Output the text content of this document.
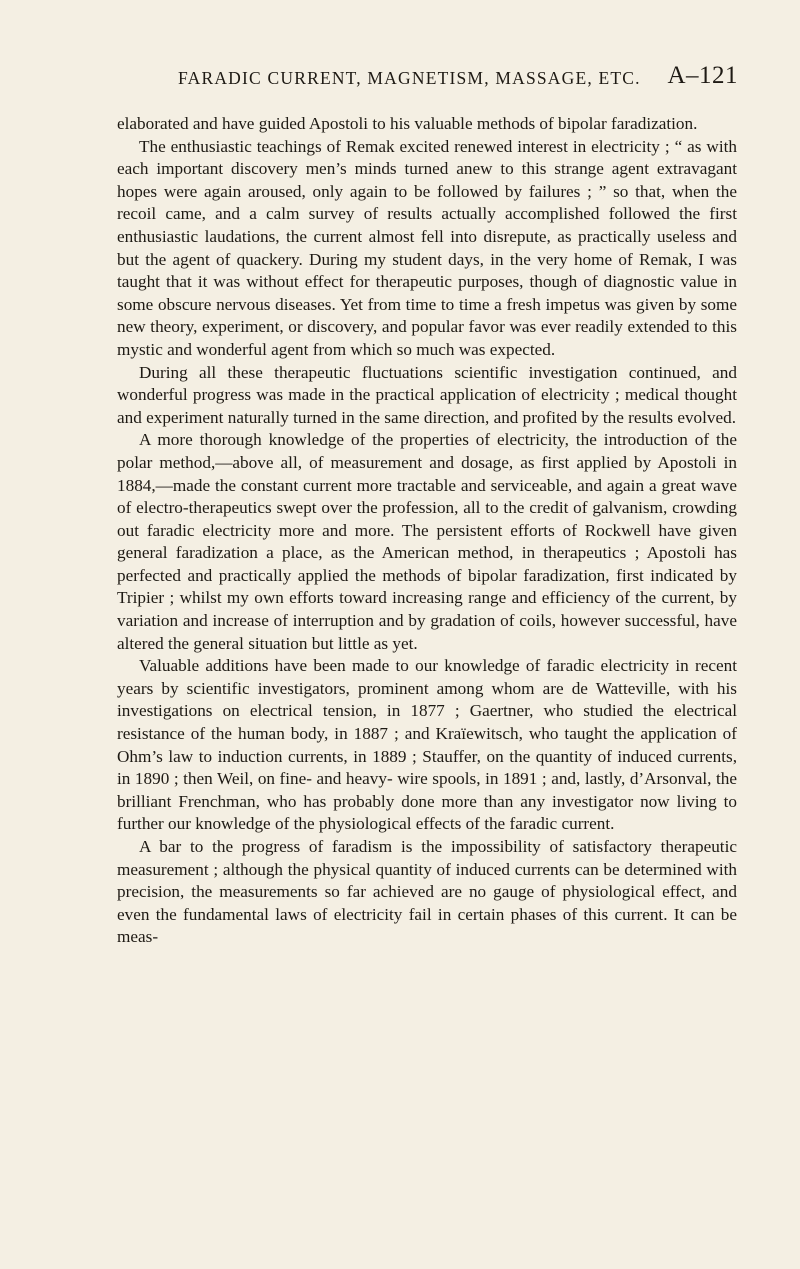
FARADIC CURRENT, MAGNETISM, MASSAGE, ETC. A–121

elaborated and have guided Apostoli to his valuable methods of bipolar faradization.

The enthusiastic teachings of Remak excited renewed interest in electricity ; “ as with each important discovery men’s minds turned anew to this strange agent extravagant hopes were again aroused, only again to be followed by failures ; ” so that, when the recoil came, and a calm survey of results actually accomplished followed the first enthusiastic laudations, the current almost fell into disrepute, as practically useless and but the agent of quackery. During my student days, in the very home of Remak, I was taught that it was without effect for therapeutic purposes, though of diagnostic value in some obscure nervous diseases. Yet from time to time a fresh impetus was given by some new theory, experiment, or discovery, and popular favor was ever readily extended to this mystic and wonderful agent from which so much was expected.

During all these therapeutic fluctuations scientific investigation continued, and wonderful progress was made in the practical application of electricity ; medical thought and experiment naturally turned in the same direction, and profited by the results evolved.

A more thorough knowledge of the properties of electricity, the introduction of the polar method,—above all, of measurement and dosage, as first applied by Apostoli in 1884,—made the constant current more tractable and serviceable, and again a great wave of electro-therapeutics swept over the profession, all to the credit of galvanism, crowding out faradic electricity more and more. The persistent efforts of Rockwell have given general faradization a place, as the American method, in therapeutics ; Apostoli has perfected and practically applied the methods of bipolar faradization, first indicated by Tripier ; whilst my own efforts toward increasing range and efficiency of the current, by variation and increase of interruption and by gradation of coils, however successful, have altered the general situation but little as yet.

Valuable additions have been made to our knowledge of faradic electricity in recent years by scientific investigators, prominent among whom are de Watteville, with his investigations on electrical tension, in 1877 ; Gaertner, who studied the electrical resistance of the human body, in 1887 ; and Kraïewitsch, who taught the application of Ohm’s law to induction currents, in 1889 ; Stauffer, on the quantity of induced currents, in 1890 ; then Weil, on fine- and heavy- wire spools, in 1891 ; and, lastly, d’Arsonval, the brilliant Frenchman, who has probably done more than any investigator now living to further our knowledge of the physiological effects of the faradic current.

A bar to the progress of faradism is the impossibility of satisfactory therapeutic measurement ; although the physical quantity of induced currents can be determined with precision, the measurements so far achieved are no gauge of physiological effect, and even the fundamental laws of electricity fail in certain phases of this current. It can be meas-
